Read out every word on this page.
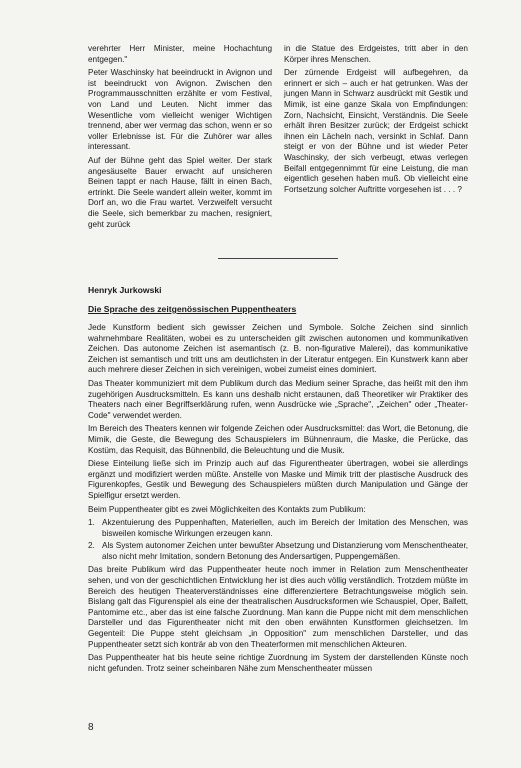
verehrter Herr Minister, meine Hochachtung entgegen."

Peter Waschinsky hat beeindruckt in Avignon und ist beeindruckt von Avignon. Zwischen den Programmausschnitten erzählte er vom Festival, von Land und Leuten. Nicht immer das Wesentliche vom vielleicht weniger Wichtigen trennend, aber wer vermag das schon, wenn er so voller Erlebnisse ist. Für die Zuhörer war alles interessant.

Auf der Bühne geht das Spiel weiter. Der stark angesäuselte Bauer erwacht auf unsicheren Beinen tappt er nach Hause, fällt in einen Bach, ertrinkt. Die Seele wandert allein weiter, kommt im Dorf an, wo die Frau wartet. Verzweifelt versucht die Seele, sich bemerkbar zu machen, resigniert, geht zurück

in die Statue des Erdgeistes, tritt aber in den Körper ihres Menschen.

Der zürnende Erdgeist will aufbegehren, da erinnert er sich – auch er hat getrunken. Was der jungen Mann in Schwarz ausdrückt mit Gestik und Mimik, ist eine ganze Skala von Empfindungen: Zorn, Nachsicht, Einsicht, Verständnis. Die Seele erhält ihren Besitzer zurück; der Erdgeist schickt ihnen ein Lächeln nach, versinkt in Schlaf. Dann steigt er von der Bühne und ist wieder Peter Waschinsky, der sich verbeugt, etwas verlegen Beifall entgegennimmt für eine Leistung, die man eigentlich gesehen haben muß. Ob vielleicht eine Fortsetzung solcher Auftritte vorgesehen ist . . . ?

Henryk Jurkowski
Die Sprache des zeitgenössischen Puppentheaters

Jede Kunstform bedient sich gewisser Zeichen und Symbole. Solche Zeichen sind sinnlich wahrnehmbare Realitäten, wobei es zu unterscheiden gilt zwischen autonomen und kommunikativen Zeichen. Das autonome Zeichen ist asemantisch (z. B. non-figurative Malerei), das kommunikative Zeichen ist semantisch und tritt uns am deutlichsten in der Literatur entgegen. Ein Kunstwerk kann aber auch mehrere dieser Zeichen in sich vereinigen, wobei zumeist eines dominiert.

Das Theater kommuniziert mit dem Publikum durch das Medium seiner Sprache, das heißt mit den ihm zugehörigen Ausdrucksmitteln. Es kann uns deshalb nicht erstaunen, daß Theoretiker wir Praktiker des Theaters nach einer Begriffserklärung rufen, wenn Ausdrücke wie „Sprache", „Zeichen" oder „Theater-Code" verwendet werden.

Im Bereich des Theaters kennen wir folgende Zeichen oder Ausdrucksmittel: das Wort, die Betonung, die Mimik, die Geste, die Bewegung des Schauspielers im Bühnenraum, die Maske, die Perücke, das Kostüm, das Requisit, das Bühnenbild, die Beleuchtung und die Musik.

Diese Einteilung ließe sich im Prinzip auch auf das Figurentheater übertragen, wobei sie allerdings ergänzt und modifiziert werden müßte. Anstelle von Maske und Mimik tritt der plastische Ausdruck des Figurenkopfes, Gestik und Bewegung des Schauspielers müßten durch Manipulation und Gänge der Spielfigur ersetzt werden.

Beim Puppentheater gibt es zwei Möglichkeiten des Kontakts zum Publikum:

1. Akzentuierung des Puppenhaften, Materiellen, auch im Bereich der Imitation des Menschen, was bisweilen komische Wirkungen erzeugen kann.
2. Als System autonomer Zeichen unter bewußter Absetzung und Distanzierung vom Menschentheater, also nicht mehr Imitation, sondern Betonung des Andersartigen, Puppengemäßen.

Das breite Publikum wird das Puppentheater heute noch immer in Relation zum Menschentheater sehen, und von der geschichtlichen Entwicklung her ist dies auch völlig verständlich. Trotzdem müßte im Bereich des heutigen Theaterverständnisses eine differenziertere Betrachtungsweise möglich sein. Bislang galt das Figurenspiel als eine der theatralischen Ausdrucksformen wie Schauspiel, Oper, Ballett, Pantomime etc., aber das ist eine falsche Zuordnung. Man kann die Puppe nicht mit dem menschlichen Darsteller und das Figurentheater nicht mit den oben erwähnten Kunstformen gleichsetzen. Im Gegenteil: Die Puppe steht gleichsam „in Opposition" zum menschlichen Darsteller, und das Puppentheater setzt sich konträr ab von den Theaterformen mit menschlichen Akteuren.

Das Puppentheater hat bis heute seine richtige Zuordnung im System der darstellenden Künste noch nicht gefunden. Trotz seiner scheinbaren Nähe zum Menschentheater müssen

8
